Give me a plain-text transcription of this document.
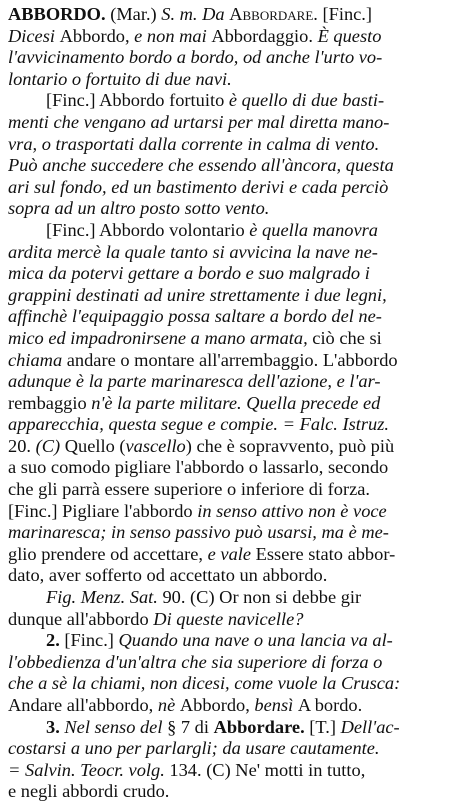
ABBORDO. (Mar.) S. m. Da Abbordare. [Finc.]
Dicesi Abbordo, e non mai Abbordaggio. È questo
l'avvicinamento bordo a bordo, od anche l'urto vo-
lontario o fortuito di due navi.
[Finc.] Abbordo fortuito è quello di due basti-
menti che vengano ad urtarsi per mal diretta mano-
vra, o trasportati dalla corrente in calma di vento.
Può anche succedere che essendo all'àncora, questa
ari sul fondo, ed un bastimento derivi e cada perciò
sopra ad un altro posto sotto vento.
[Finc.] Abbordo volontario è quella manovra
ardita mercè la quale tanto si avvicina la nave ne-
mica da potervi gettare a bordo e suo malgrado i
grappini destinati ad unire strettamente i due legni,
affinchè l'equipaggio possa saltare a bordo del ne-
mico ed impadronirsene a mano armata, ciò che si
chiama andare o montare all'arrembaggio. L'abbordo
adunque è la parte marinaresca dell'azione, e l'ar-
rembaggio n'è la parte militare. Quella precede ed
apparecchia, questa segue e compie. = Falc. Istruz.
20. (C) Quello (vascello) che è sopravvento, può più
a suo comodo pigliare l'abbordo o lassarlo, secondo
che gli parrà essere superiore o inferiore di forza.
[Finc.] Pigliare l'abbordo in senso attivo non è voce
marinaresca; in senso passivo può usarsi, ma è me-
glio prendere od accettare, e vale Essere stato abbor-
dato, aver sofferto od accettato un abbordo.
Fig. Menz. Sat. 90. (C) Or non si debbe gir
dunque all'abbordo Di queste navicelle?
2. [Finc.] Quando una nave o una lancia va al-
l'obbedienza d'un'altra che sia superiore di forza o
che a sè la chiami, non dicesi, come vuole la Crusca:
Andare all'abbordo, nè Abbordo, bensì A bordo.
3. Nel senso del § 7 di Abbordare. [T.] Dell'ac-
costarsi a uno per parlargli; da usare cautamente.
= Salvin. Teocr. volg. 134. (C) Ne' motti in tutto,
e negli abbordi crudo.
